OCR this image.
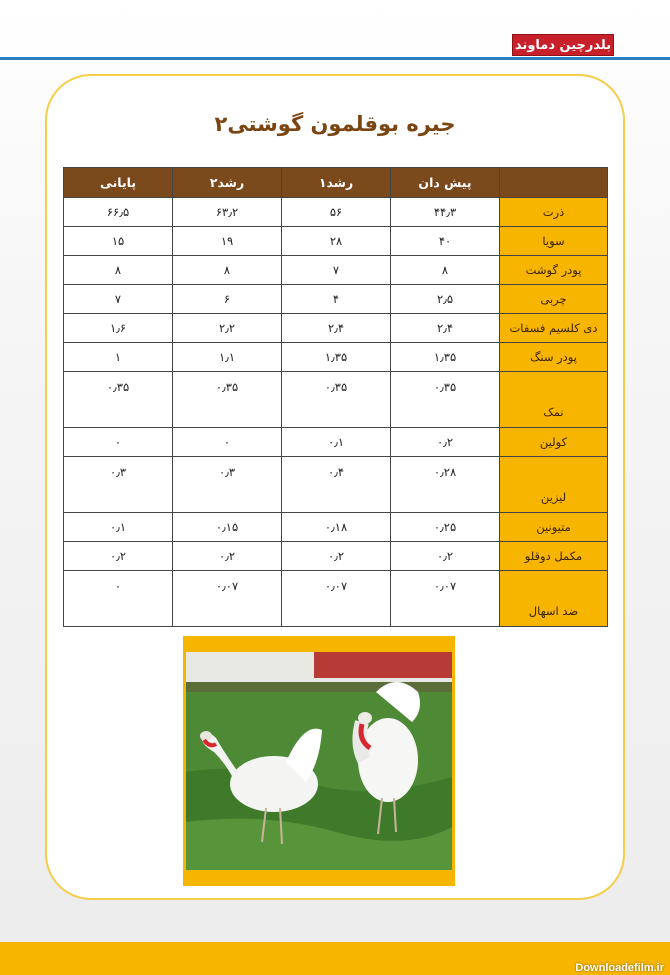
بلدرچین دماوند
جیره بوقلمون گوشتی۲
	پیش دان	رشد۱	رشد۲	پایانی
ذرت	۴۴٫۳	۵۶	۶۳٫۲	۶۶٫۵
سویا	۴۰	۲۸	۱۹	۱۵
پودر گوشت	۸	۷	۸	۸
چربی	۲٫۵	۴	۶	۷
دی کلسیم فسفات	۲٫۴	۲٫۴	۲٫۲	۱٫۶
پودر سنگ	۱٫۳۵	۱٫۳۵	۱٫۱	۱
نمک	۰٫۳۵	۰٫۳۵	۰٫۳۵	۰٫۳۵
کولین	۰٫۲	۰٫۱	۰	۰
لیزین	۰٫۲۸	۰٫۴	۰٫۳	۰٫۳
متیونین	۰٫۲۵	۰٫۱۸	۰٫۱۵	۰٫۱
مکمل دوقلو	۰٫۲	۰٫۲	۰٫۲	۰٫۲
ضد اسهال	۰٫۰۷	۰٫۰۷	۰٫۰۷	۰
Downloadefilm.ir
